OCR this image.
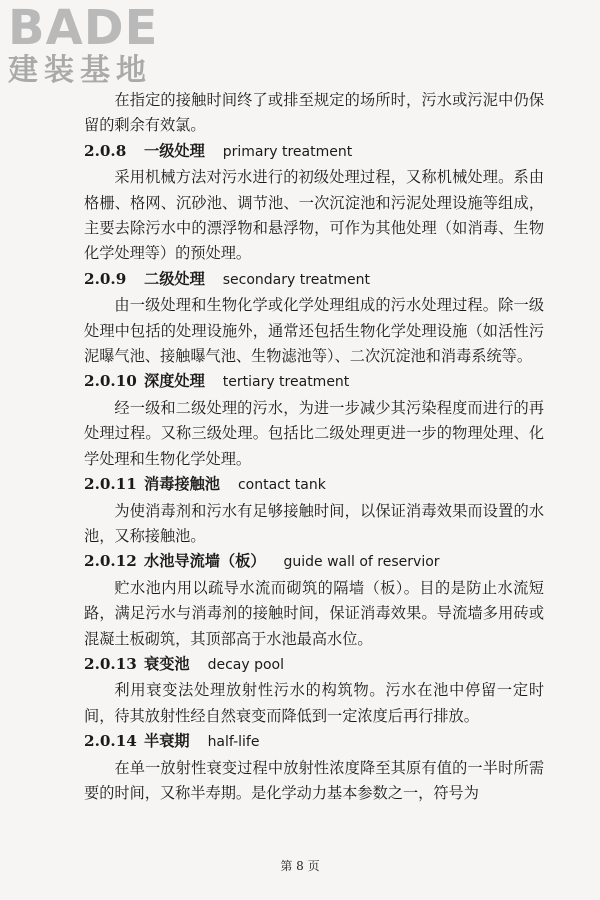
BADE
建装基地

在指定的接触时间终了或排至规定的场所时，污水或污泥中仍保留的剩余有效氯。

2.0.8 一级处理 primary treatment

采用机械方法对污水进行的初级处理过程，又称机械处理。系由格栅、格网、沉砂池、调节池、一次沉淀池和污泥处理设施等组成，主要去除污水中的漂浮物和悬浮物，可作为其他处理（如消毒、生物化学处理等）的预处理。

2.0.9 二级处理 secondary treatment

由一级处理和生物化学或化学处理组成的污水处理过程。除一级处理中包括的处理设施外，通常还包括生物化学处理设施（如活性污泥曝气池、接触曝气池、生物滤池等）、二次沉淀池和消毒系统等。

2.0.10 深度处理 tertiary treatment

经一级和二级处理的污水，为进一步减少其污染程度而进行的再处理过程。又称三级处理。包括比二级处理更进一步的物理处理、化学处理和生物化学处理。

2.0.11 消毒接触池 contact tank

为使消毒剂和污水有足够接触时间，以保证消毒效果而设置的水池，又称接触池。

2.0.12 水池导流墙（板） guide wall of reservior

贮水池内用以疏导水流而砌筑的隔墙（板）。目的是防止水流短路，满足污水与消毒剂的接触时间，保证消毒效果。导流墙多用砖或混凝土板砌筑，其顶部高于水池最高水位。

2.0.13 衰变池 decay pool

利用衰变法处理放射性污水的构筑物。污水在池中停留一定时间，待其放射性经自然衰变而降低到一定浓度后再行排放。

2.0.14 半衰期 half-life

在单一放射性衰变过程中放射性浓度降至其原有值的一半时所需要的时间，又称半寿期。是化学动力基本参数之一，符号为

第 8 页
